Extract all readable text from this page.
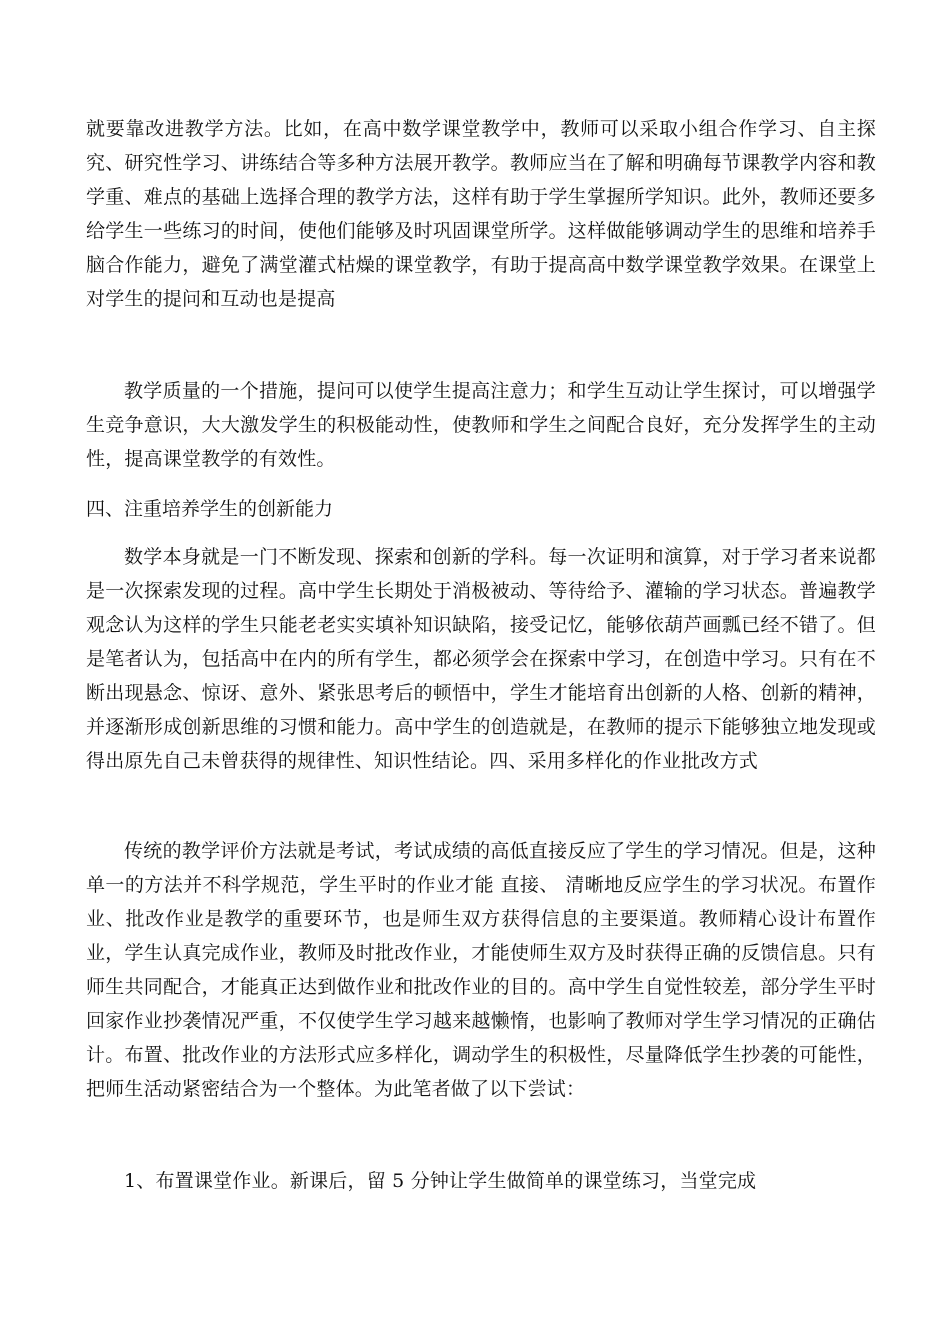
就要靠改进教学方法。比如，在高中数学课堂教学中，教师可以采取小组合作学习、自主探究、研究性学习、讲练结合等多种方法展开教学。教师应当在了解和明确每节课教学内容和教学重、难点的基础上选择合理的教学方法，这样有助于学生掌握所学知识。此外，教师还要多给学生一些练习的时间，使他们能够及时巩固课堂所学。这样做能够调动学生的思维和培养手脑合作能力，避免了满堂灌式枯燥的课堂教学，有助于提高高中数学课堂教学效果。在课堂上对学生的提问和互动也是提高

教学质量的一个措施，提问可以使学生提高注意力；和学生互动让学生探讨，可以增强学生竞争意识，大大激发学生的积极能动性，使教师和学生之间配合良好，充分发挥学生的主动性，提高课堂教学的有效性。

四、注重培养学生的创新能力

数学本身就是一门不断发现、探索和创新的学科。每一次证明和演算，对于学习者来说都是一次探索发现的过程。高中学生长期处于消极被动、等待给予、灌输的学习状态。普遍教学观念认为这样的学生只能老老实实填补知识缺陷，接受记忆，能够依葫芦画瓢已经不错了。但是笔者认为，包括高中在内的所有学生，都必须学会在探索中学习，在创造中学习。只有在不断出现悬念、惊讶、意外、紧张思考后的顿悟中，学生才能培育出创新的人格、创新的精神，并逐渐形成创新思维的习惯和能力。高中学生的创造就是，在教师的提示下能够独立地发现或得出原先自己未曾获得的规律性、知识性结论。四、采用多样化的作业批改方式

传统的教学评价方法就是考试，考试成绩的高低直接反应了学生的学习情况。但是，这种单一的方法并不科学规范，学生平时的作业才能 直接、 清晰地反应学生的学习状况。布置作业、批改作业是教学的重要环节，也是师生双方获得信息的主要渠道。教师精心设计布置作业，学生认真完成作业，教师及时批改作业，才能使师生双方及时获得正确的反馈信息。只有师生共同配合，才能真正达到做作业和批改作业的目的。高中学生自觉性较差，部分学生平时回家作业抄袭情况严重，不仅使学生学习越来越懒惰，也影响了教师对学生学习情况的正确估计。布置、批改作业的方法形式应多样化，调动学生的积极性，尽量降低学生抄袭的可能性，把师生活动紧密结合为一个整体。为此笔者做了以下尝试：

1、布置课堂作业。新课后，留 5 分钟让学生做简单的课堂练习，当堂完成
